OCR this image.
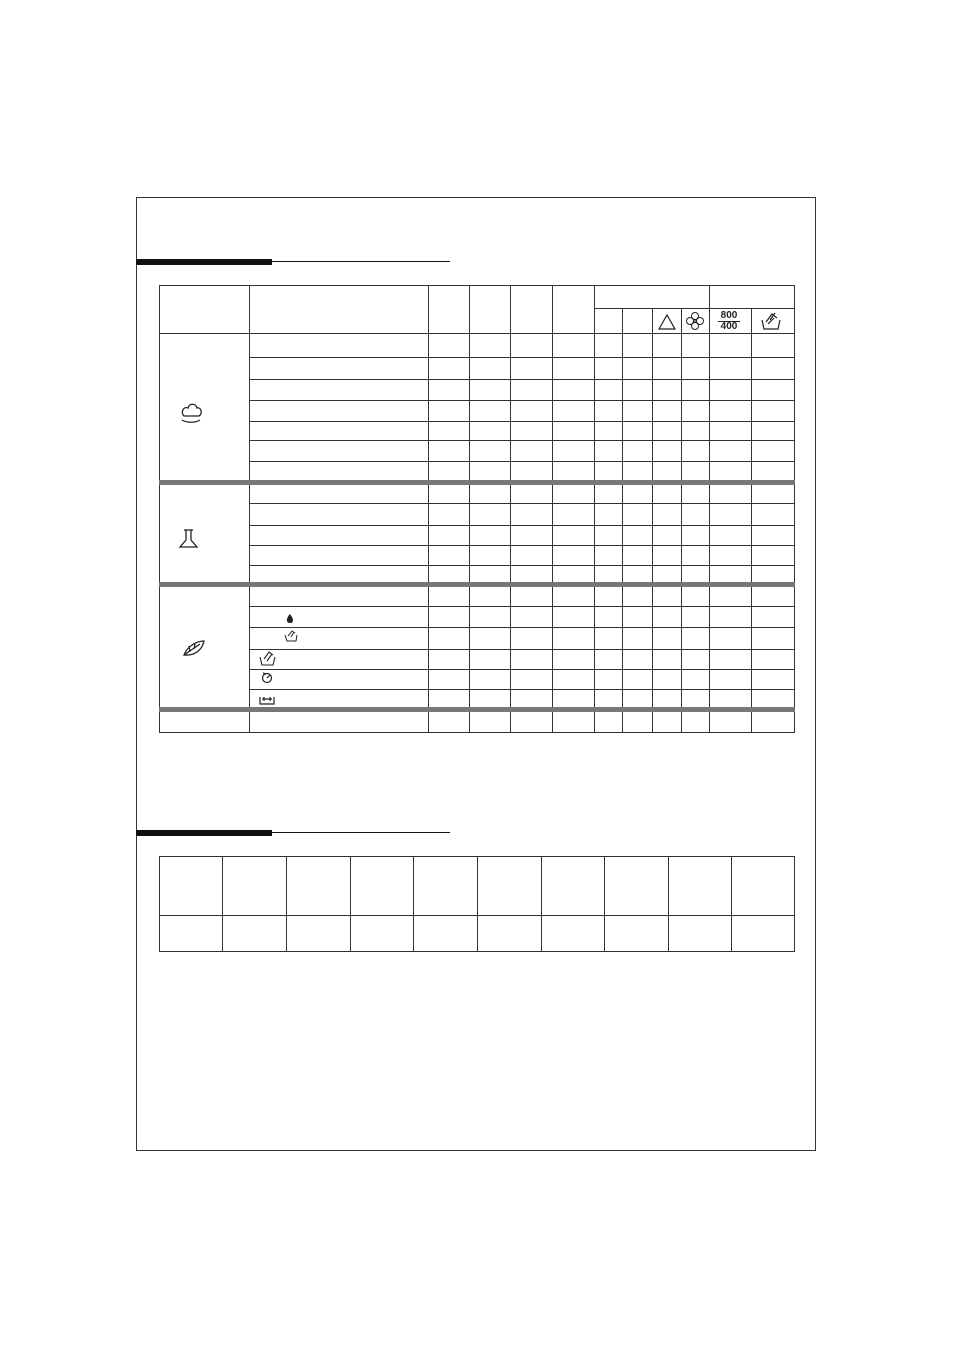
800
400
